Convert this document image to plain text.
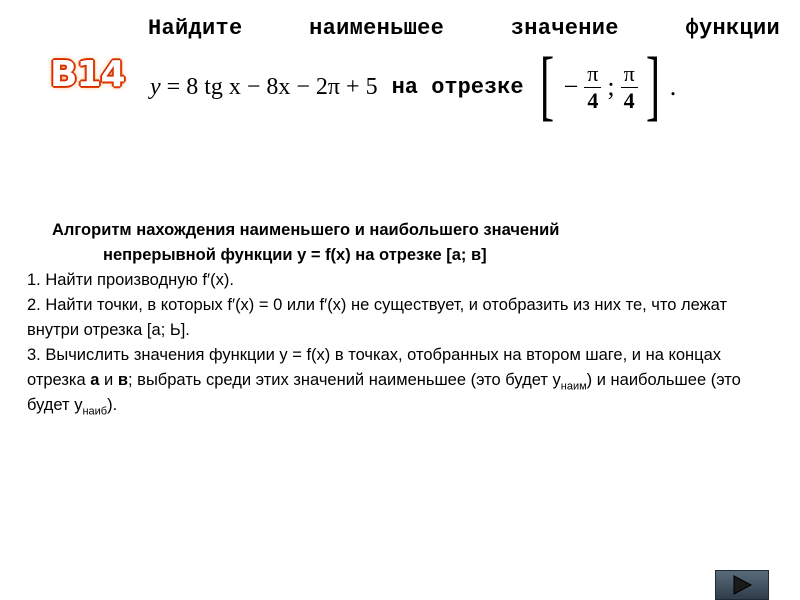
Найдите	наименьшее	значение	функции
B14 y = 8 tg x − 8x − 2π + 5 на отрезке [ − $\frac{\pi}{4}$ ; $\frac{\pi}{4}$ ] .

Алгоритм нахождения наименьшего и наибольшего значений

непрерывной функции y = f(x) на отрезке [a; в]

1. Найти производную f′(x).

2. Найти точки, в которых f′(x) = 0 или f′(x) не существует, и отобразить из них те, что лежат внутри отрезка [а; Ь].

3. Вычислить значения функции y = f(x) в точках, отобранных на втором шаге, и на концах отрезка а и в; выбрать среди этих значений наименьшее (это будет $y_{наим}$) и наибольшее (это будет $y_{наиб}$).
